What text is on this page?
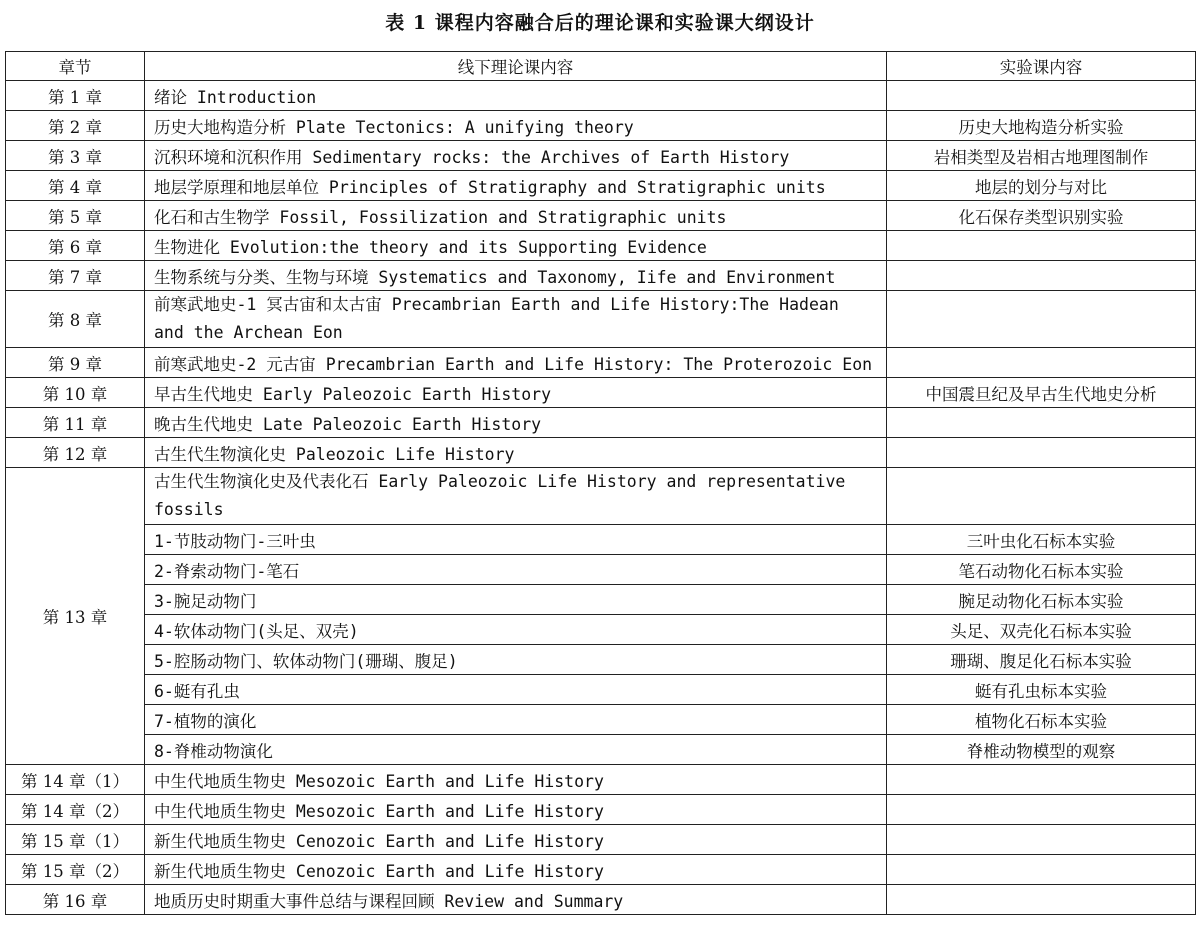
表 1 课程内容融合后的理论课和实验课大纲设计
章节	线下理论课内容	实验课内容
第 1 章	绪论 Introduction	
第 2 章	历史大地构造分析 Plate Tectonics: A unifying theory	历史大地构造分析实验
第 3 章	沉积环境和沉积作用 Sedimentary rocks: the Archives of Earth History	岩相类型及岩相古地理图制作
第 4 章	地层学原理和地层单位 Principles of Stratigraphy and Stratigraphic units	地层的划分与对比
第 5 章	化石和古生物学 Fossil, Fossilization and Stratigraphic units	化石保存类型识别实验
第 6 章	生物进化 Evolution:the theory and its Supporting Evidence	
第 7 章	生物系统与分类、生物与环境 Systematics and Taxonomy, Iife and Environment	
第 8 章	前寒武地史-1 冥古宙和太古宙 Precambrian Earth and Life History:The Hadean and the Archean Eon	
第 9 章	前寒武地史-2 元古宙 Precambrian Earth and Life History: The Proterozoic Eon	
第 10 章	早古生代地史 Early Paleozoic Earth History	中国震旦纪及早古生代地史分析
第 11 章	晚古生代地史 Late Paleozoic Earth History	
第 12 章	古生代生物演化史 Paleozoic Life History	
第 13 章	古生代生物演化史及代表化石 Early Paleozoic Life History and representative fossils	
	1-节肢动物门-三叶虫	三叶虫化石标本实验
	2-脊索动物门-笔石	笔石动物化石标本实验
	3-腕足动物门	腕足动物化石标本实验
	4-软体动物门(头足、双壳)	头足、双壳化石标本实验
	5-腔肠动物门、软体动物门(珊瑚、腹足)	珊瑚、腹足化石标本实验
	6-蜓有孔虫	蜓有孔虫标本实验
	7-植物的演化	植物化石标本实验
	8-脊椎动物演化	脊椎动物模型的观察
第 14 章（1）	中生代地质生物史 Mesozoic Earth and Life History	
第 14 章（2）	中生代地质生物史 Mesozoic Earth and Life History	
第 15 章（1）	新生代地质生物史 Cenozoic Earth and Life History	
第 15 章（2）	新生代地质生物史 Cenozoic Earth and Life History	
第 16 章	地质历史时期重大事件总结与课程回顾 Review and Summary	
